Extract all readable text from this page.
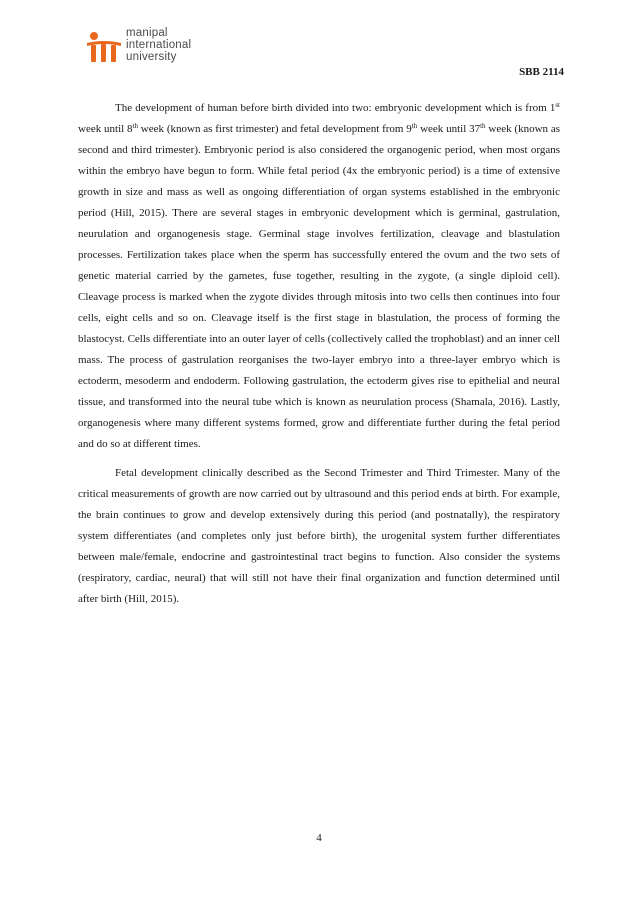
manipal
international
university
SBB 2114

The development of human before birth divided into two: embryonic development which is from 1st week until 8th week (known as first trimester) and fetal development from 9th week until 37th week (known as second and third trimester). Embryonic period is also considered the organogenic period, when most organs within the embryo have begun to form. While fetal period (4x the embryonic period) is a time of extensive growth in size and mass as well as ongoing differentiation of organ systems established in the embryonic period (Hill, 2015). There are several stages in embryonic development which is germinal, gastrulation, neurulation and organogenesis stage. Germinal stage involves fertilization, cleavage and blastulation processes. Fertilization takes place when the sperm has successfully entered the ovum and the two sets of genetic material carried by the gametes, fuse together, resulting in the zygote, (a single diploid cell). Cleavage process is marked when the zygote divides through mitosis into two cells then continues into four cells, eight cells and so on. Cleavage itself is the first stage in blastulation, the process of forming the blastocyst. Cells differentiate into an outer layer of cells (collectively called the trophoblast) and an inner cell mass. The process of gastrulation reorganises the two-layer embryo into a three-layer embryo which is ectoderm, mesoderm and endoderm. Following gastrulation, the ectoderm gives rise to epithelial and neural tissue, and transformed into the neural tube which is known as neurulation process (Shamala, 2016). Lastly, organogenesis where many different systems formed, grow and differentiate further during the fetal period and do so at different times.

Fetal development clinically described as the Second Trimester and Third Trimester. Many of the critical measurements of growth are now carried out by ultrasound and this period ends at birth. For example, the brain continues to grow and develop extensively during this period (and postnatally), the respiratory system differentiates (and completes only just before birth), the urogenital system further differentiates between male/female, endocrine and gastrointestinal tract begins to function. Also consider the systems (respiratory, cardiac, neural) that will still not have their final organization and function determined until after birth (Hill, 2015).

4
